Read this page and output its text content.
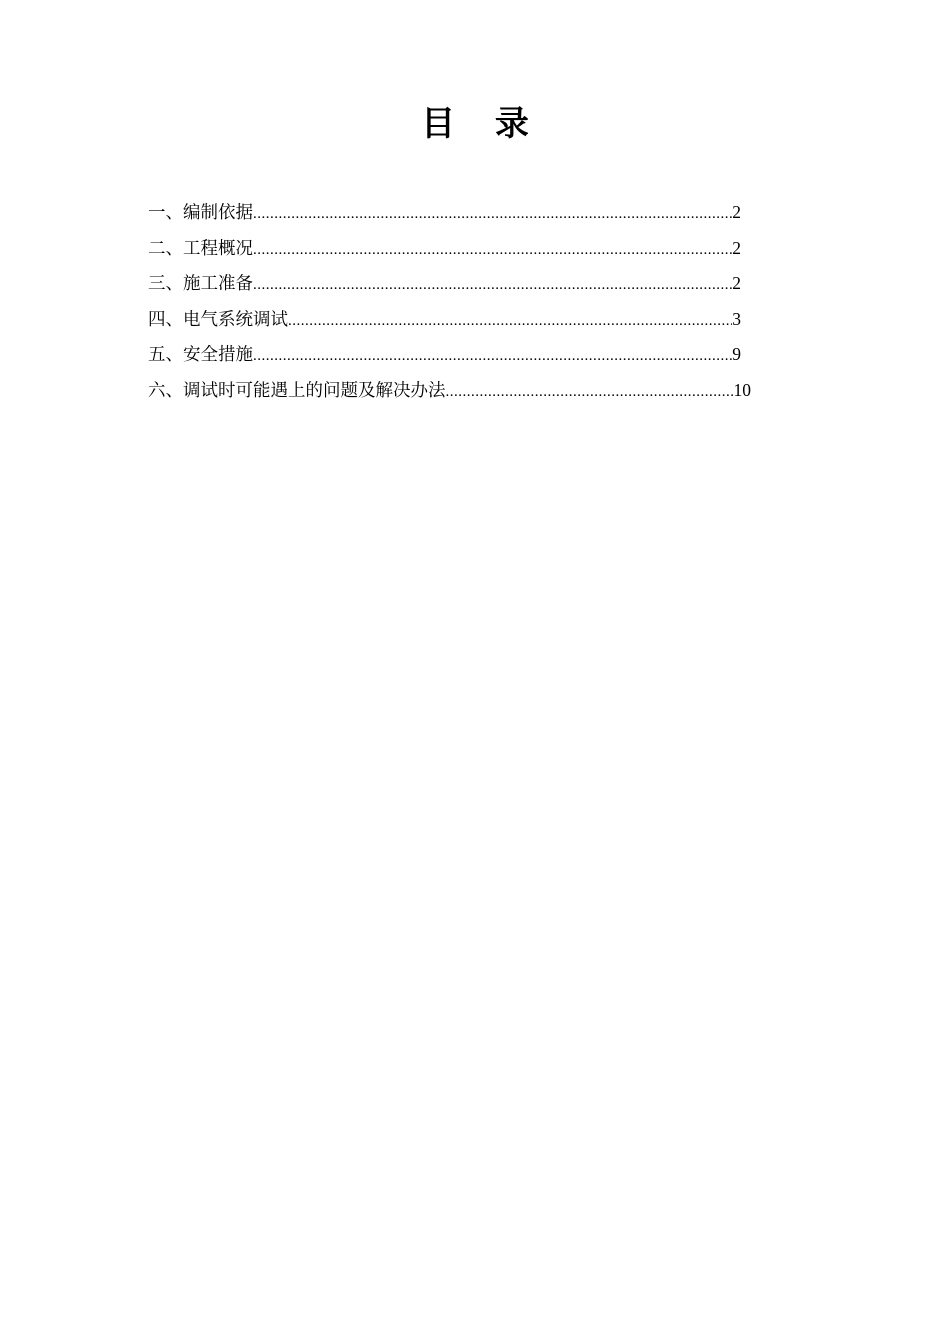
目 录
一、编制依据 .....	2
二、工程概况 .....	2
三、施工准备 .....	2
四、电气系统调试 .....	3
五、安全措施 .....	9
六、调试时可能遇上的问题及解决办法 .....	10
